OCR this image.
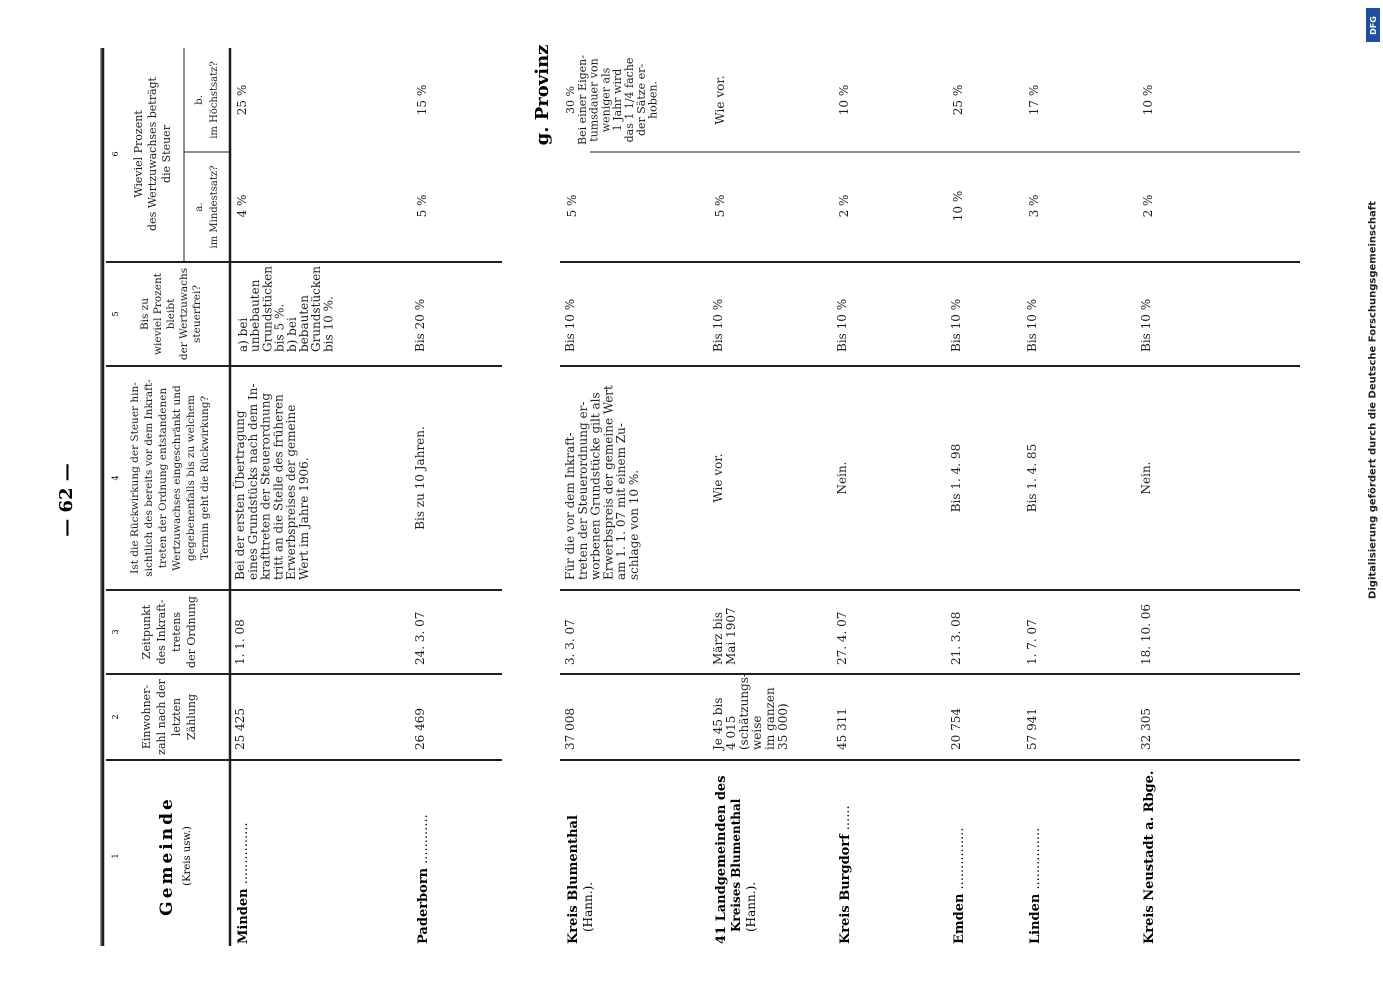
— 62 —
g. Provinz
1
2
3
4
5
6
Gemeinde (Kreis usw.)
Einwohner- zahl nach der letzten Zählung
Zeitpunkt des Inkraft- tretens der Ordnung
Ist die Rückwirkung der Steuer hin- sichtlich des bereits vor dem Inkraft- treten der Ordnung entstandenen Wertzuwachses eingeschränkt und gegebenenfalls bis zu welchem Termin geht die Rückwirkung?
Bis zu wieviel Prozent bleibt der Wertzuwachs steuerfrei?
Wieviel Prozent des Wertzuwachses beträgt die Steuer
a. im Mindestsatz?
b. im Höchstsatz?
Minden...............
25 425
1. 1. 08
Bei der ersten Übertragung
eines Grundstücks nach dem In-
krafttreten der Steuerordnung
tritt an die Stelle des früheren
Erwerbspreises der gemeine
Wert im Jahre 1906.
a) bei
unbebauten
Grundstücken
bis 5 %.
b) bei
bebauten
Grundstücken
bis 10 %.
4 %
25 %
Paderborn............
26 469
24. 3. 07
Bis zu 10 Jahren.
Bis 20 %
5 %
15 %
Kreis Blumenthal (Hann.).
37 008
3. 3. 07
Für die vor dem Inkraft-
treten der Steuerordnung er-
worbenen Grundstücke gilt als
Erwerbspreis der gemeine Wert
am 1. 1. 07 mit einem Zu-
schlage von 10 %.
Bis 10 %
5 %
30 %
Bei einer Eigen-
tumsdauer von
weniger als
1 Jahr wird
das 1 1/4 fache
der Sätze er-
hoben.
41 Landgemeinden des Kreises Blumenthal (Hann.).
Je 45 bis 4 015 (schätzungs- weise im ganzen 35 000)
März bis Mai 1907
Wie vor.
Bis 10 %
5 %
Wie vor.
Kreis Burgdorf......
45 311
27. 4. 07
Nein.
Bis 10 %
2 %
10 %
Emden...............
20 754
21. 3. 08
Bis 1. 4. 98
Bis 10 %
10 %
25 %
Linden...............
57 941
1. 7. 07
Bis 1. 4. 85
Bis 10 %
3 %
17 %
Kreis Neustadt a. Rbge.
32 305
18. 10. 06
Nein.
Bis 10 %
2 %
10 %
DFG
Digitalisierung gefördert durch die Deutsche Forschungsgemeinschaft
